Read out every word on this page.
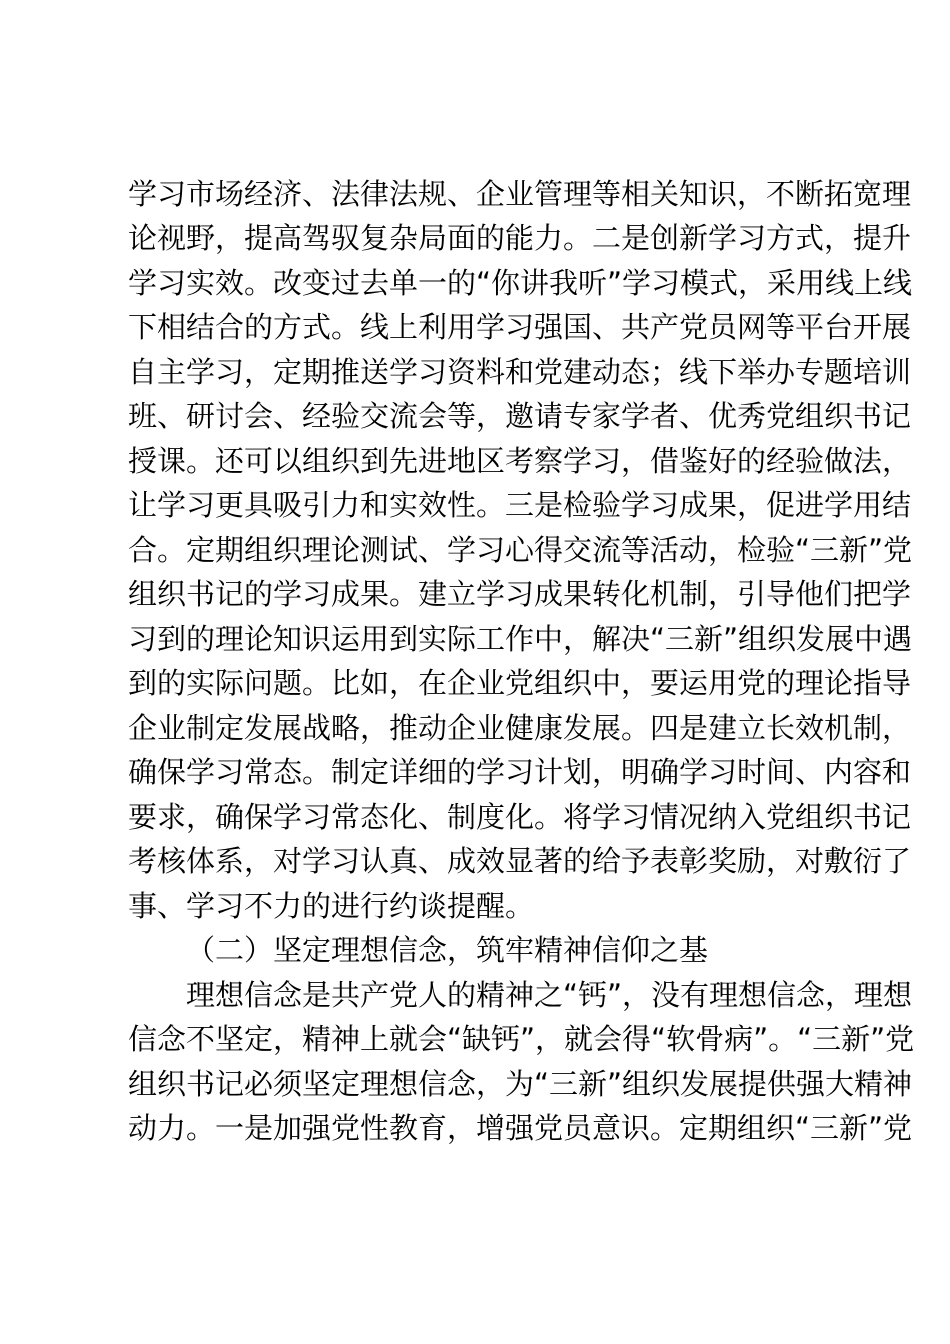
学习市场经济、法律法规、企业管理等相关知识，不断拓宽理
论视野，提高驾驭复杂局面的能力。二是创新学习方式，提升
学习实效。改变过去单一的“你讲我听”学习模式，采用线上线
下相结合的方式。线上利用学习强国、共产党员网等平台开展
自主学习，定期推送学习资料和党建动态；线下举办专题培训
班、研讨会、经验交流会等，邀请专家学者、优秀党组织书记
授课。还可以组织到先进地区考察学习，借鉴好的经验做法，
让学习更具吸引力和实效性。三是检验学习成果，促进学用结
合。定期组织理论测试、学习心得交流等活动，检验“三新”党
组织书记的学习成果。建立学习成果转化机制，引导他们把学
习到的理论知识运用到实际工作中，解决“三新”组织发展中遇
到的实际问题。比如，在企业党组织中，要运用党的理论指导
企业制定发展战略，推动企业健康发展。四是建立长效机制，
确保学习常态。制定详细的学习计划，明确学习时间、内容和
要求，确保学习常态化、制度化。将学习情况纳入党组织书记
考核体系，对学习认真、成效显著的给予表彰奖励，对敷衍了
事、学习不力的进行约谈提醒。
（二）坚定理想信念，筑牢精神信仰之基
理想信念是共产党人的精神之“钙”，没有理想信念，理想
信念不坚定，精神上就会“缺钙”，就会得“软骨病”。“三新”党
组织书记必须坚定理想信念，为“三新”组织发展提供强大精神
动力。一是加强党性教育，增强党员意识。定期组织“三新”党
